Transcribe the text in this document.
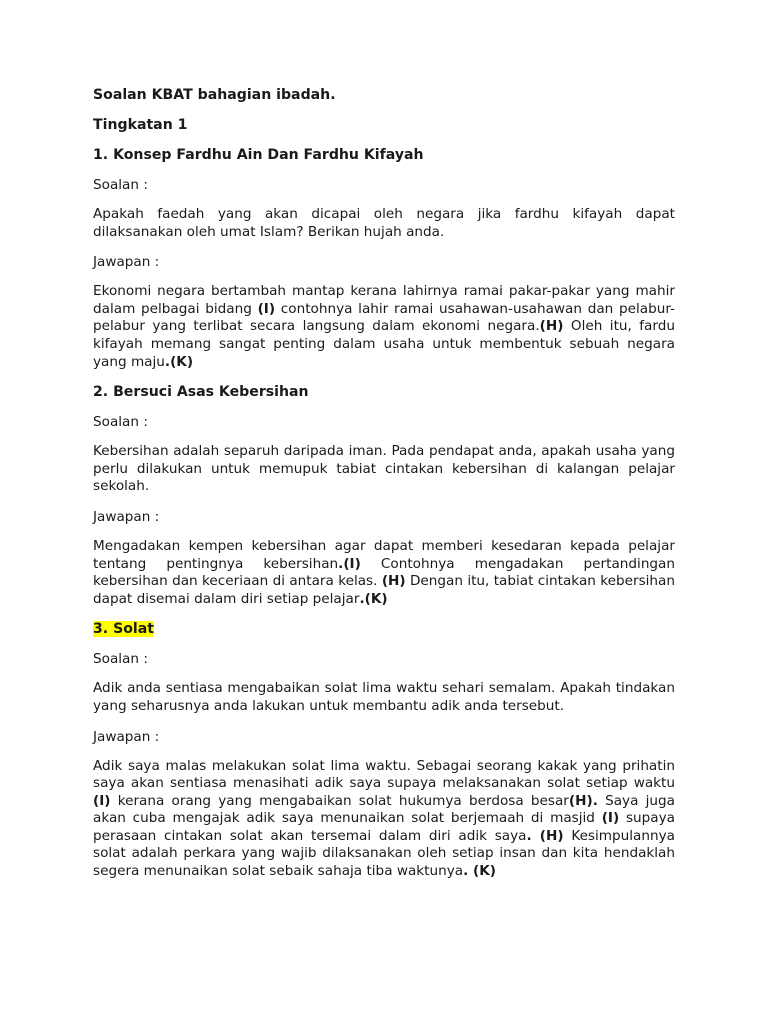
Soalan KBAT bahagian ibadah.

Tingkatan 1

1. Konsep Fardhu Ain Dan Fardhu Kifayah

Soalan :

Apakah faedah yang akan dicapai oleh negara jika fardhu kifayah dapat dilaksanakan oleh umat Islam? Berikan hujah anda.

Jawapan :

Ekonomi negara bertambah mantap kerana lahirnya ramai pakar-pakar yang mahir dalam pelbagai bidang (I) contohnya lahir ramai usahawan-usahawan dan pelabur-pelabur yang terlibat secara langsung dalam ekonomi negara.(H) Oleh itu, fardu kifayah memang sangat penting dalam usaha untuk membentuk sebuah negara yang maju.(K)

2. Bersuci Asas Kebersihan

Soalan :

Kebersihan adalah separuh daripada iman. Pada pendapat anda, apakah usaha yang perlu dilakukan untuk memupuk tabiat cintakan kebersihan di kalangan pelajar sekolah.

Jawapan :

Mengadakan kempen kebersihan agar dapat memberi kesedaran kepada pelajar tentang pentingnya kebersihan.(I) Contohnya mengadakan pertandingan kebersihan dan keceriaan di antara kelas. (H) Dengan itu, tabiat cintakan kebersihan dapat disemai dalam diri setiap pelajar.(K)

3. Solat

Soalan :

Adik anda sentiasa mengabaikan solat lima waktu sehari semalam. Apakah tindakan yang seharusnya anda lakukan untuk membantu adik anda tersebut.

Jawapan :

Adik saya malas melakukan solat lima waktu. Sebagai seorang kakak yang prihatin saya akan sentiasa menasihati adik saya supaya melaksanakan solat setiap waktu (I) kerana orang yang mengabaikan solat hukumya berdosa besar(H). Saya juga akan cuba mengajak adik saya menunaikan solat berjemaah di masjid (I) supaya perasaan cintakan solat akan tersemai dalam diri adik saya. (H) Kesimpulannya solat adalah perkara yang wajib dilaksanakan oleh setiap insan dan kita hendaklah segera menunaikan solat sebaik sahaja tiba waktunya. (K)
